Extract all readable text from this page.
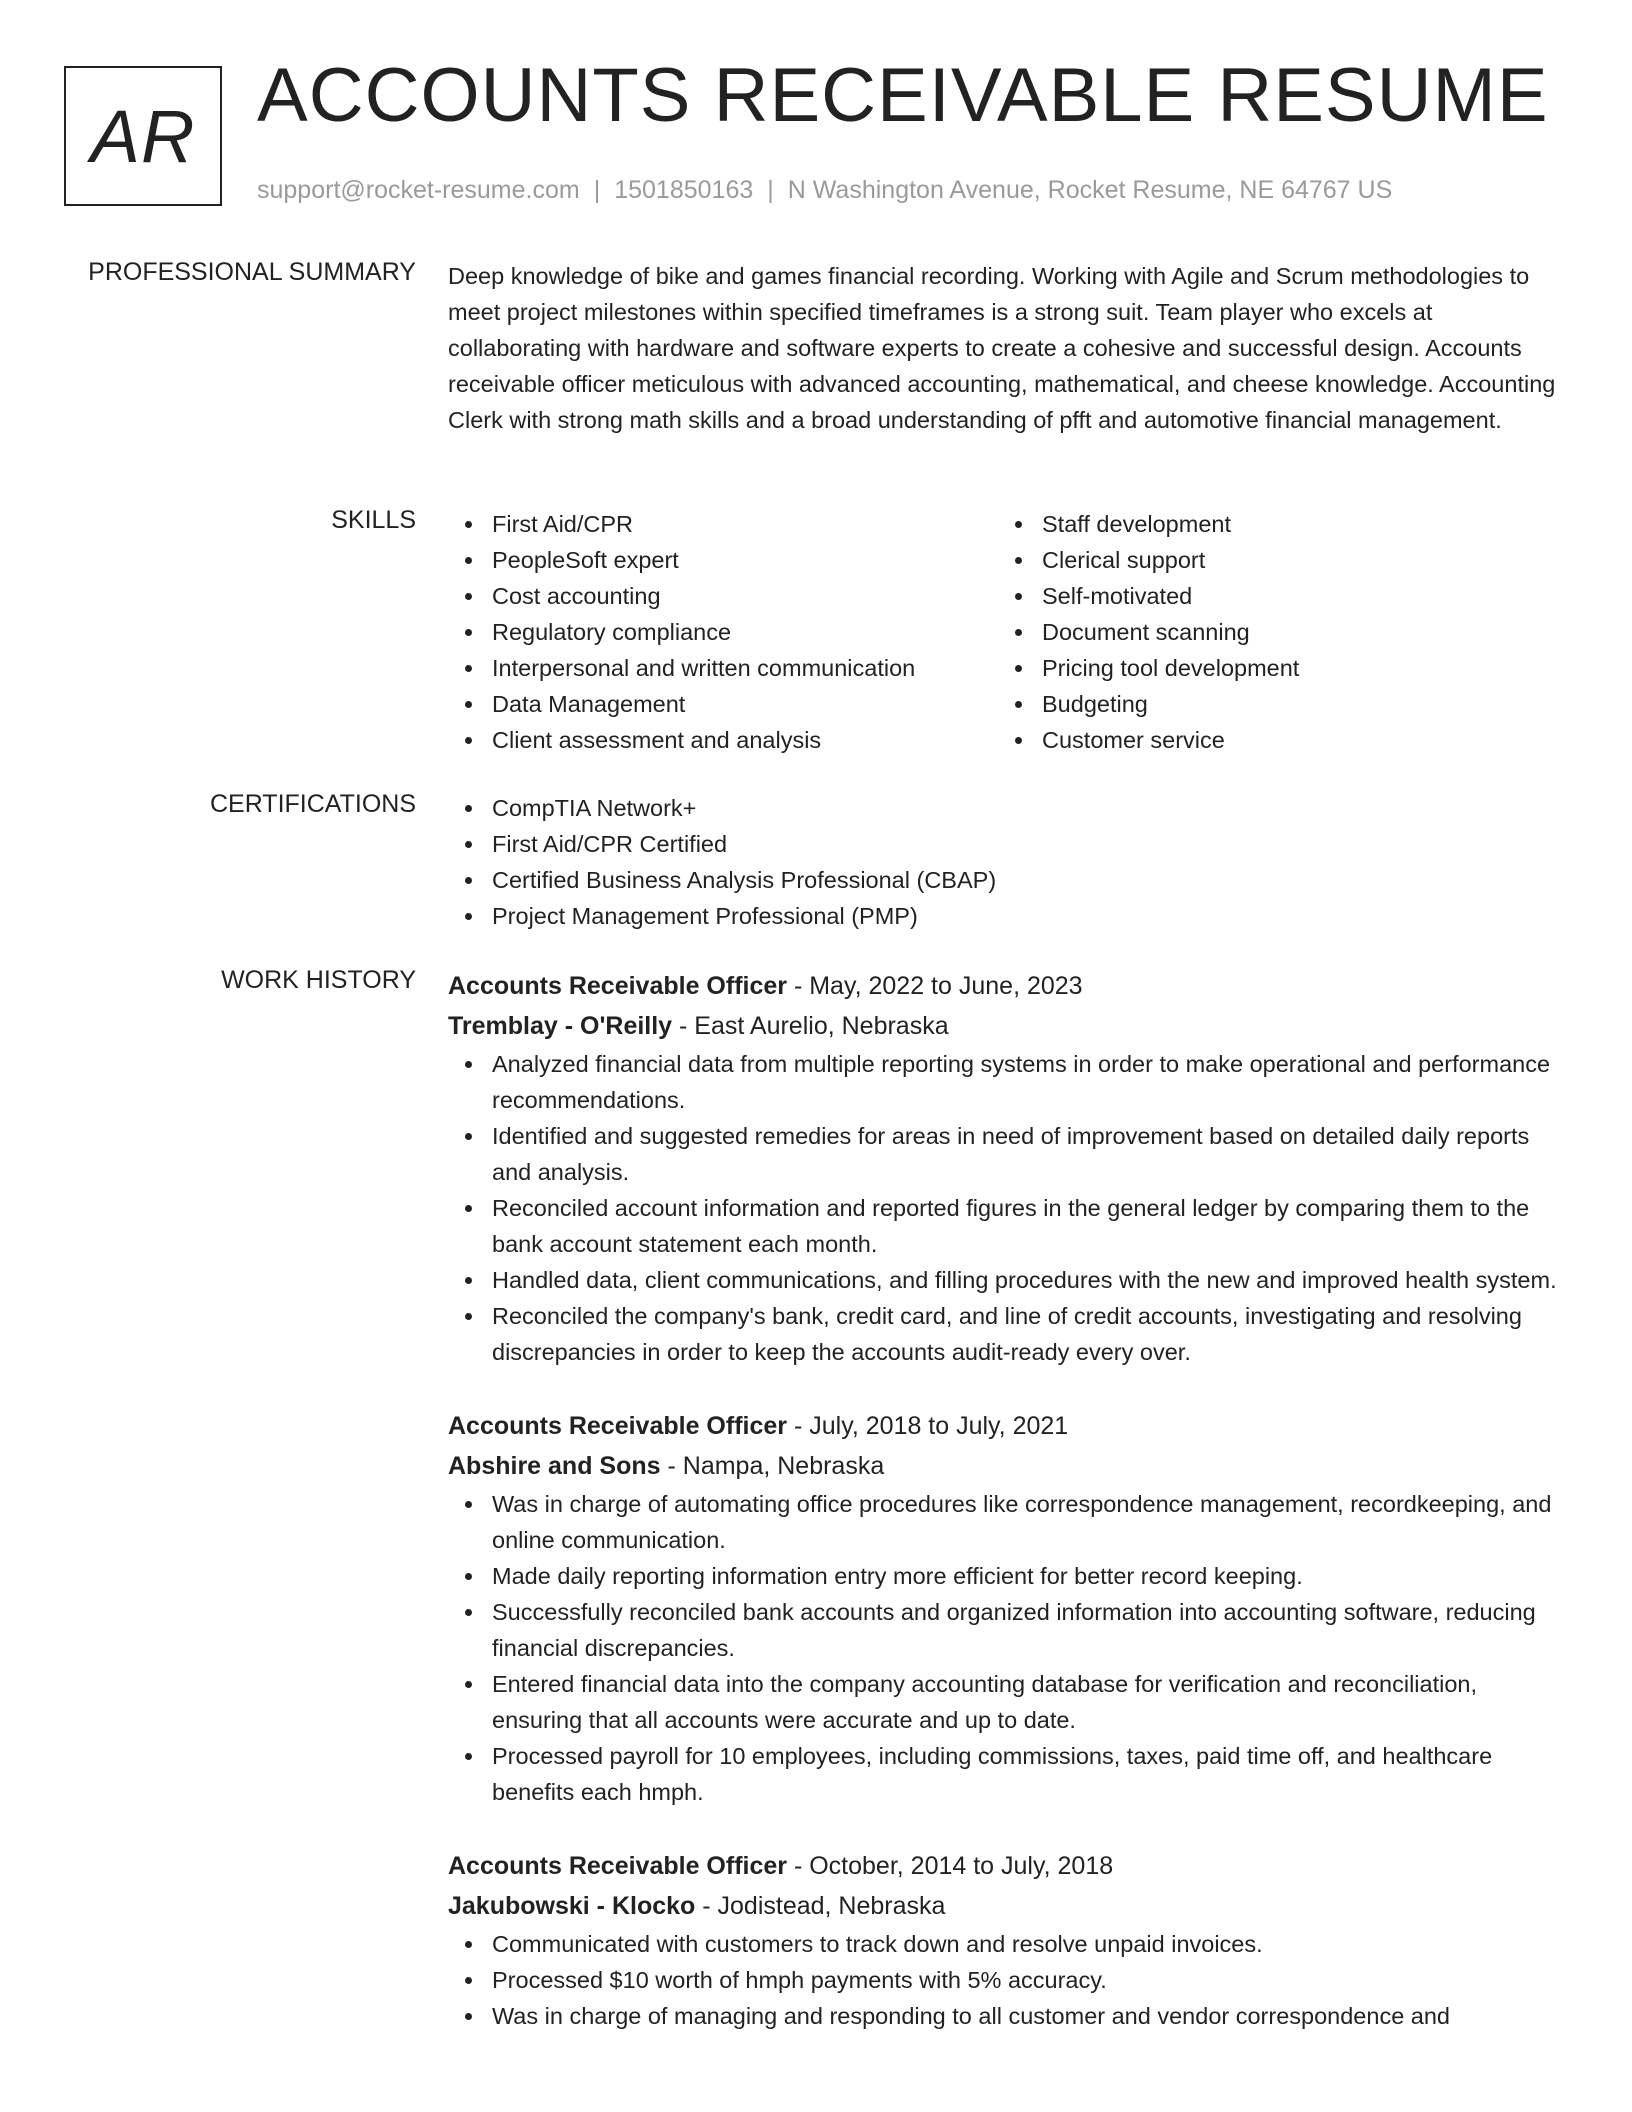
AR ACCOUNTS RECEIVABLE RESUME
support@rocket-resume.com | 1501850163 | N Washington Avenue, Rocket Resume, NE 64767 US
PROFESSIONAL SUMMARY Deep knowledge of bike and games financial recording. Working with Agile and Scrum methodologies to meet project milestones within specified timeframes is a strong suit. Team player who excels at collaborating with hardware and software experts to create a cohesive and successful design. Accounts receivable officer meticulous with advanced accounting, mathematical, and cheese knowledge. Accounting Clerk with strong math skills and a broad understanding of pfft and automotive financial management.

SKILLS	First Aid/CPR
PeopleSoft expert
Cost accounting
Regulatory compliance
Interpersonal and written communication
Data Management
Client assessment and analysis
Staff development
Clerical support
Self-motivated
Document scanning
Pricing tool development
Budgeting
Customer service
CERTIFICATIONS	CompTIA Network+
First Aid/CPR Certified
Certified Business Analysis Professional (CBAP)
Project Management Professional (PMP)
WORK HISTORY Accounts Receivable Officer - May, 2022 to June, 2023
Tremblay - O'Reilly - East Aurelio, Nebraska
Analyzed financial data from multiple reporting systems in order to make operational and performance recommendations.
Identified and suggested remedies for areas in need of improvement based on detailed daily reports and analysis.
Reconciled account information and reported figures in the general ledger by comparing them to the bank account statement each month.
Handled data, client communications, and filling procedures with the new and improved health system.
Reconciled the company's bank, credit card, and line of credit accounts, investigating and resolving discrepancies in order to keep the accounts audit-ready every over.
Accounts Receivable Officer - July, 2018 to July, 2021
Abshire and Sons - Nampa, Nebraska
Was in charge of automating office procedures like correspondence management, recordkeeping, and online communication.
Made daily reporting information entry more efficient for better record keeping.
Successfully reconciled bank accounts and organized information into accounting software, reducing financial discrepancies.
Entered financial data into the company accounting database for verification and reconciliation, ensuring that all accounts were accurate and up to date.
Processed payroll for 10 employees, including commissions, taxes, paid time off, and healthcare benefits each hmph.
Accounts Receivable Officer - October, 2014 to July, 2018
Jakubowski - Klocko - Jodistead, Nebraska
Communicated with customers to track down and resolve unpaid invoices.
Processed $10 worth of hmph payments with 5% accuracy.
Was in charge of managing and responding to all customer and vendor correspondence and
